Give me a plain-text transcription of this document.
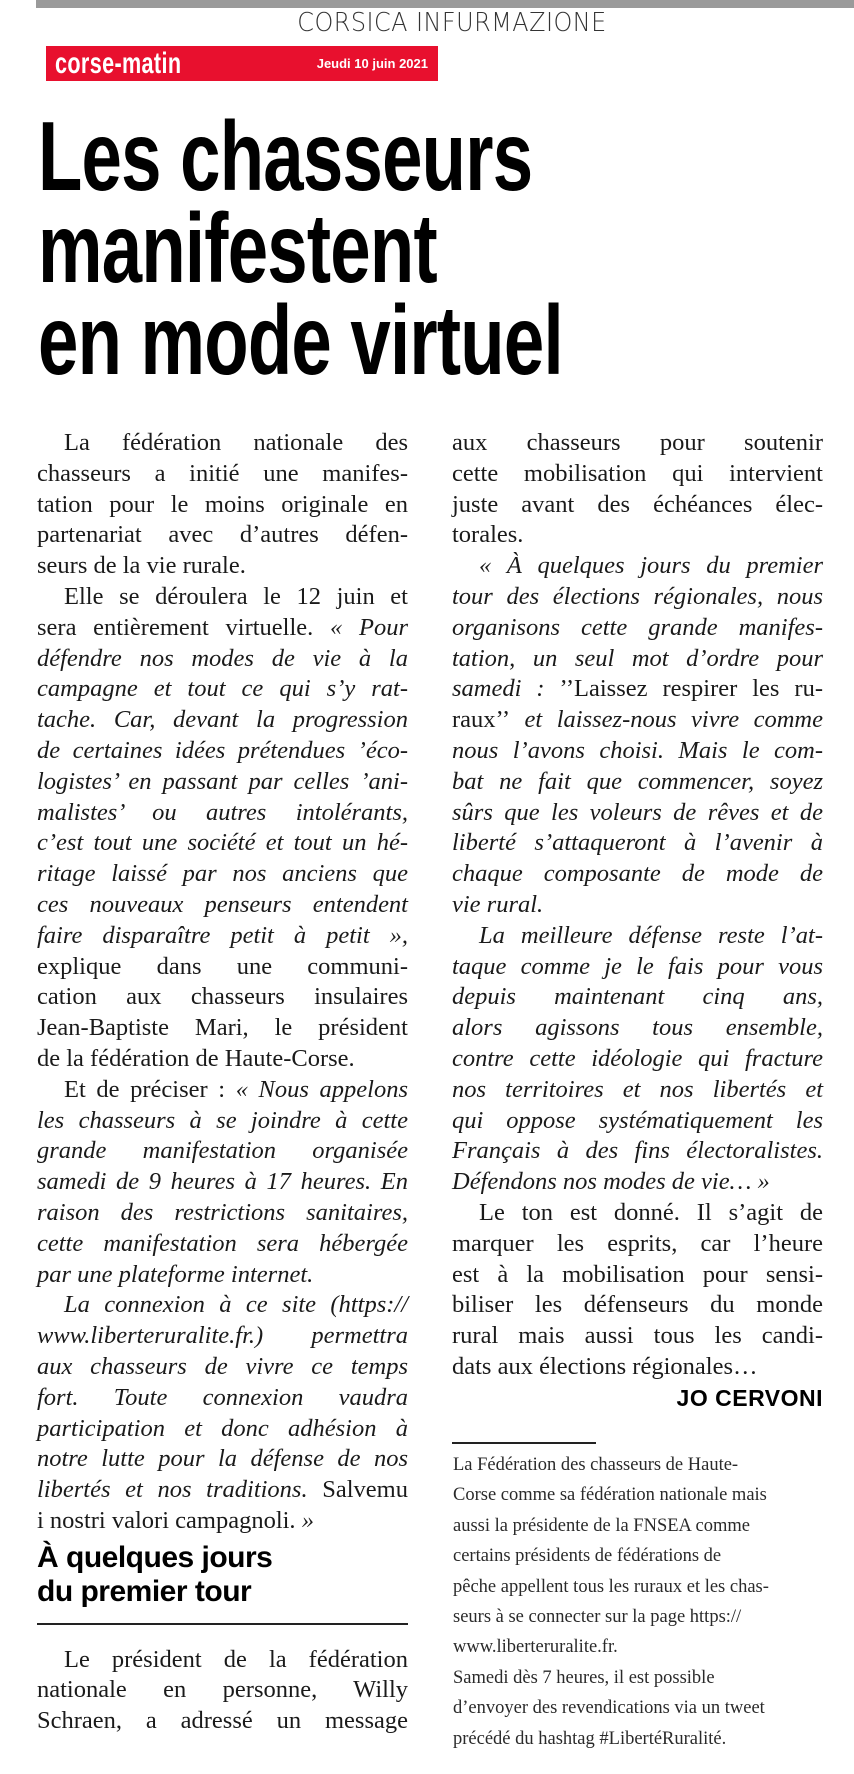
CORSICA INFURMAZIONE
corse-matin	Jeudi 10 juin 2021
Les chasseurs
manifestent
en mode virtuel
La fédération nationale des
chasseurs a initié une manifes-
tation pour le moins originale en
partenariat avec d’autres défen-
seurs de la vie rurale.
Elle se déroulera le 12 juin et
sera entièrement virtuelle. « Pour
défendre nos modes de vie à la
campagne et tout ce qui s’y rat-
tache. Car, devant la progression
de certaines idées prétendues ’éco-
logistes’ en passant par celles ’ani-
malistes’ ou autres intolérants,
c’est tout une société et tout un hé-
ritage laissé par nos anciens que
ces nouveaux penseurs entendent
faire disparaître petit à petit »,
explique dans une communi-
cation aux chasseurs insulaires
Jean-Baptiste Mari, le président
de la fédération de Haute-Corse.
Et de préciser : « Nous appelons
les chasseurs à se joindre à cette
grande manifestation organisée
samedi de 9 heures à 17 heures. En
raison des restrictions sanitaires,
cette manifestation sera hébergée
par une plateforme internet.
La connexion à ce site (https://
www.liberteruralite.fr.) permettra
aux chasseurs de vivre ce temps
fort. Toute connexion vaudra
participation et donc adhésion à
notre lutte pour la défense de nos
libertés et nos traditions. Salvemu
i nostri valori campagnoli. »
À quelques jours
du premier tour
Le président de la fédération
nationale en personne, Willy
Schraen, a adressé un message
aux chasseurs pour soutenir
cette mobilisation qui intervient
juste avant des échéances élec-
torales.
« À quelques jours du premier
tour des élections régionales, nous
organisons cette grande manifes-
tation, un seul mot d’ordre pour
samedi : ’’Laissez respirer les ru-
raux’’ et laissez-nous vivre comme
nous l’avons choisi. Mais le com-
bat ne fait que commencer, soyez
sûrs que les voleurs de rêves et de
liberté s’attaqueront à l’avenir à
chaque composante de mode de
vie rural.
La meilleure défense reste l’at-
taque comme je le fais pour vous
depuis maintenant cinq ans,
alors agissons tous ensemble,
contre cette idéologie qui fracture
nos territoires et nos libertés et
qui oppose systématiquement les
Français à des fins électoralistes.
Défendons nos modes de vie… »
Le ton est donné. Il s’agit de
marquer les esprits, car l’heure
est à la mobilisation pour sensi-
biliser les défenseurs du monde
rural mais aussi tous les candi-
dats aux élections régionales…
JO CERVONI
La Fédération des chasseurs de Haute-
Corse comme sa fédération nationale mais
aussi la présidente de la FNSEA comme
certains présidents de fédérations de
pêche appellent tous les ruraux et les chas-
seurs à se connecter sur la page https://
www.liberteruralite.fr.
Samedi dès 7 heures, il est possible
d’envoyer des revendications via un tweet
précédé du hashtag #LibertéRuralité.
